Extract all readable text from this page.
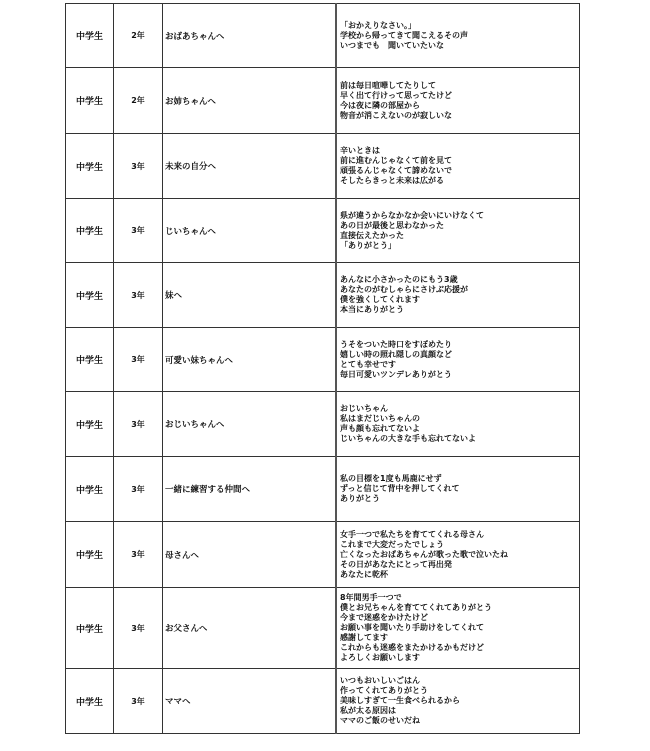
中学生	2年	おばあちゃんへ	「おかえりなさい。」
学校から帰ってきて聞こえるその声
いつまでも　聞いていたいな

中学生	2年	お姉ちゃんへ	前は毎日喧嘩してたりして
早く出て行けって思ってたけど
今は夜に隣の部屋から
物音が消こえないのが寂しいな

中学生	3年	未来の自分へ	辛いときは
前に進むんじゃなくて前を見て
頑張るんじゃなくて諦めないで
そしたらきっと未来は広がる

中学生	3年	じいちゃんへ	県が違うからなかなか会いにいけなくて
あの日が最後と思わなかった
直接伝えたかった
「ありがとう」

中学生	3年	妹へ	あんなに小さかったのにもう3歳
あなたのがむしゃらにさけぶ応援が
僕を強くしてくれます
本当にありがとう

中学生	3年	可愛い妹ちゃんへ	うそをついた時口をすぼめたり
嬉しい時の照れ隠しの真顔など
とても幸せです
毎日可愛いツンデレありがとう

中学生	3年	おじいちゃんへ	おじいちゃん
私はまだじいちゃんの
声も顔も忘れてないよ
じいちゃんの大きな手も忘れてないよ

中学生	3年	一緒に練習する仲間へ	私の目標を1度も馬鹿にせず
ずっと信じて背中を押してくれて
ありがとう

中学生	3年	母さんへ	女手一つで私たちを育ててくれる母さん
これまで大変だったでしょう
亡くなったおばあちゃんが歌った歌で泣いたね
その日があなたにとって再出発
あなたに乾杯

中学生	3年	お父さんへ	
8年間男手一つで
僕とお兄ちゃんを育ててくれてありがとう
今まで迷惑をかけたけど
お願い事を聞いたり手助けをしてくれて
感謝してます
これからも迷惑をまたかけるかもだけど
よろしくお願いします

中学生	3年	ママへ	いつもおいしいごはん
作ってくれてありがとう
美味しすぎて一生食べられるから
私が太る原因は
ママのご飯のせいだね
